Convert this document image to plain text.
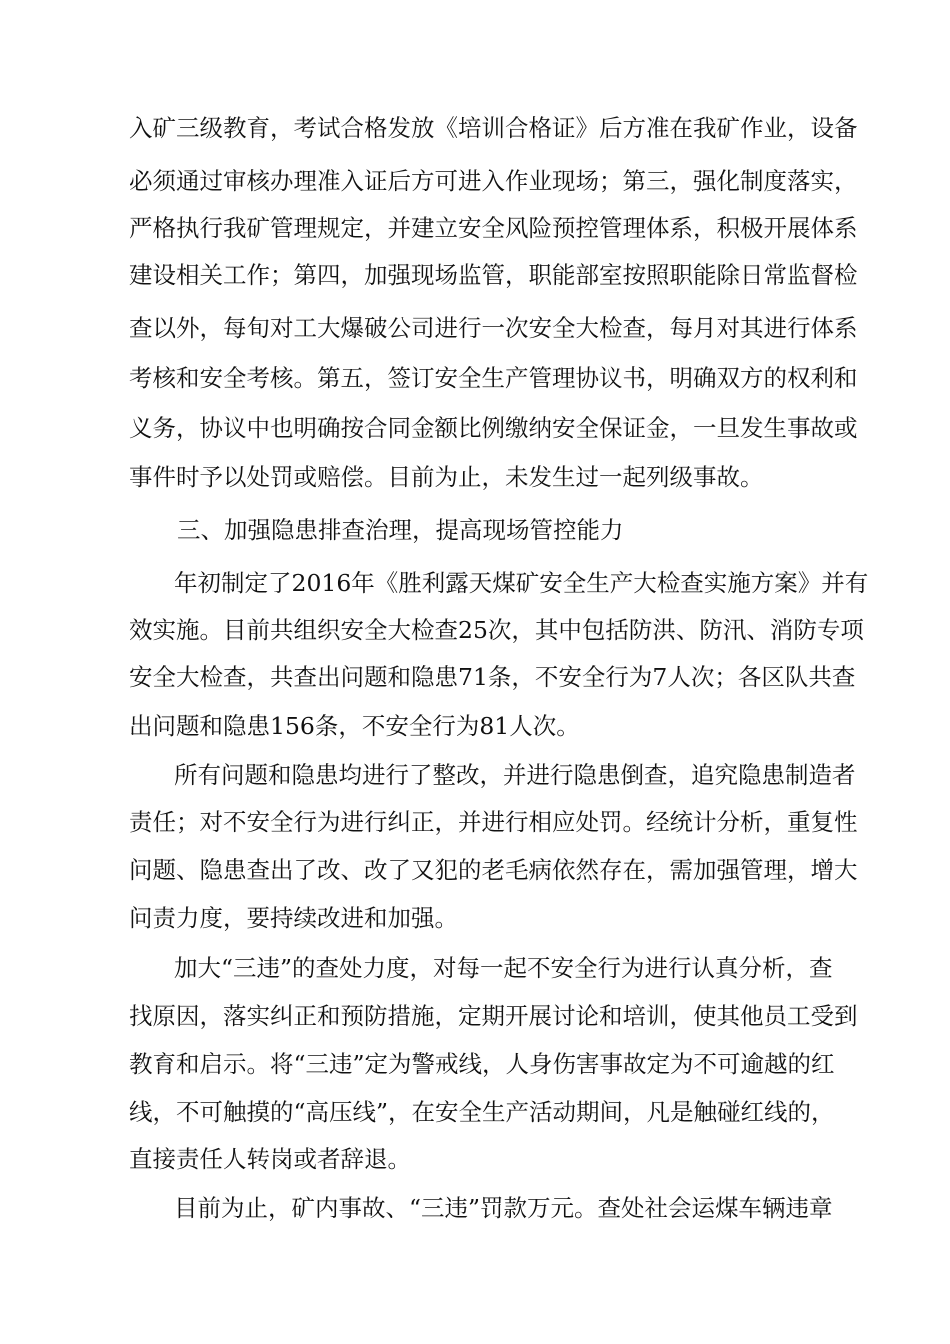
入矿三级教育，考试合格发放《培训合格证》后方准在我矿作业，设备
必须通过审核办理准入证后方可进入作业现场；第三，强化制度落实，
严格执行我矿管理规定，并建立安全风险预控管理体系，积极开展体系
建设相关工作；第四，加强现场监管，职能部室按照职能除日常监督检
查以外，每旬对工大爆破公司进行一次安全大检查，每月对其进行体系
考核和安全考核。第五，签订安全生产管理协议书，明确双方的权利和
义务，协议中也明确按合同金额比例缴纳安全保证金，一旦发生事故或
事件时予以处罚或赔偿。目前为止，未发生过一起列级事故。
三、加强隐患排查治理，提高现场管控能力
年初制定了2016年《胜利露天煤矿安全生产大检查实施方案》并有
效实施。目前共组织安全大检查25次，其中包括防洪、防汛、消防专项
安全大检查，共查出问题和隐患71条，不安全行为7人次；各区队共查
出问题和隐患156条，不安全行为81人次。
所有问题和隐患均进行了整改，并进行隐患倒查，追究隐患制造者
责任；对不安全行为进行纠正，并进行相应处罚。经统计分析，重复性
问题、隐患查出了改、改了又犯的老毛病依然存在，需加强管理，增大
问责力度，要持续改进和加强。
加大“三违”的查处力度，对每一起不安全行为进行认真分析，查
找原因，落实纠正和预防措施，定期开展讨论和培训，使其他员工受到
教育和启示。将“三违”定为警戒线，人身伤害事故定为不可逾越的红
线，不可触摸的“高压线”，在安全生产活动期间，凡是触碰红线的，
直接责任人转岗或者辞退。
目前为止，矿内事故、“三违”罚款万元。查处社会运煤车辆违章
